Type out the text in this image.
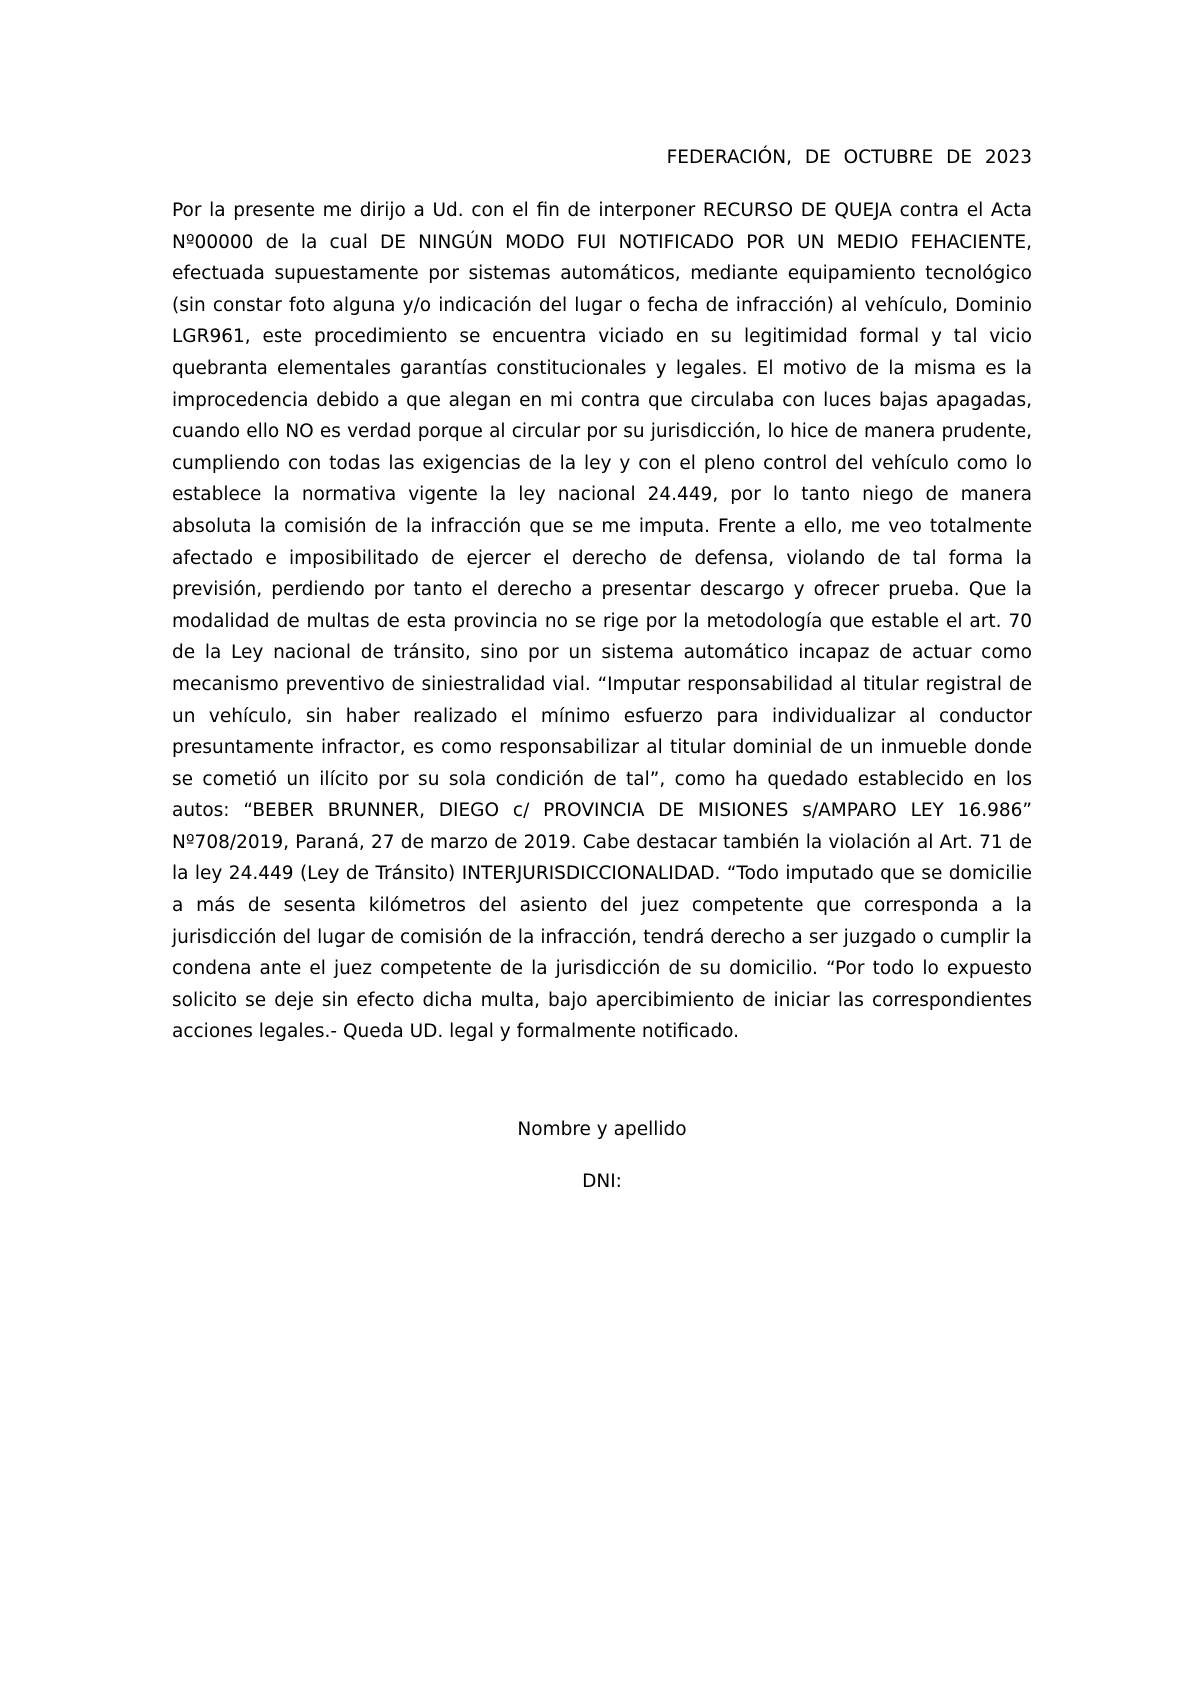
FEDERACIÓN, DE OCTUBRE DE 2023

Por la presente me dirijo a Ud. con el fin de interponer RECURSO DE QUEJA contra el Acta Nº00000 de la cual DE NINGÚN MODO FUI NOTIFICADO POR UN MEDIO FEHACIENTE, efectuada supuestamente por sistemas automáticos, mediante equipamiento tecnológico (sin constar foto alguna y/o indicación del lugar o fecha de infracción) al vehículo, Dominio LGR961, este procedimiento se encuentra viciado en su legitimidad formal y tal vicio quebranta elementales garantías constitucionales y legales. El motivo de la misma es la improcedencia debido a que alegan en mi contra que circulaba con luces bajas apagadas, cuando ello NO es verdad porque al circular por su jurisdicción, lo hice de manera prudente, cumpliendo con todas las exigencias de la ley y con el pleno control del vehículo como lo establece la normativa vigente la ley nacional 24.449, por lo tanto niego de manera absoluta la comisión de la infracción que se me imputa. Frente a ello, me veo totalmente afectado e imposibilitado de ejercer el derecho de defensa, violando de tal forma la previsión, perdiendo por tanto el derecho a presentar descargo y ofrecer prueba. Que la modalidad de multas de esta provincia no se rige por la metodología que estable el art. 70 de la Ley nacional de tránsito, sino por un sistema automático incapaz de actuar como mecanismo preventivo de siniestralidad vial. “Imputar responsabilidad al titular registral de un vehículo, sin haber realizado el mínimo esfuerzo para individualizar al conductor presuntamente infractor, es como responsabilizar al titular dominial de un inmueble donde se cometió un ilícito por su sola condición de tal”, como ha quedado establecido en los autos: “BEBER BRUNNER, DIEGO c/ PROVINCIA DE MISIONES s/AMPARO LEY 16.986” Nº708/2019, Paraná, 27 de marzo de 2019. Cabe destacar también la violación al Art. 71 de la ley 24.449 (Ley de Tránsito) INTERJURISDICCIONALIDAD. “Todo imputado que se domicilie a más de sesenta kilómetros del asiento del juez competente que corresponda a la jurisdicción del lugar de comisión de la infracción, tendrá derecho a ser juzgado o cumplir la condena ante el juez competente de la jurisdicción de su domicilio. “Por todo lo expuesto solicito se deje sin efecto dicha multa, bajo apercibimiento de iniciar las correspondientes acciones legales.- Queda UD. legal y formalmente notificado.

Nombre y apellido

DNI:
